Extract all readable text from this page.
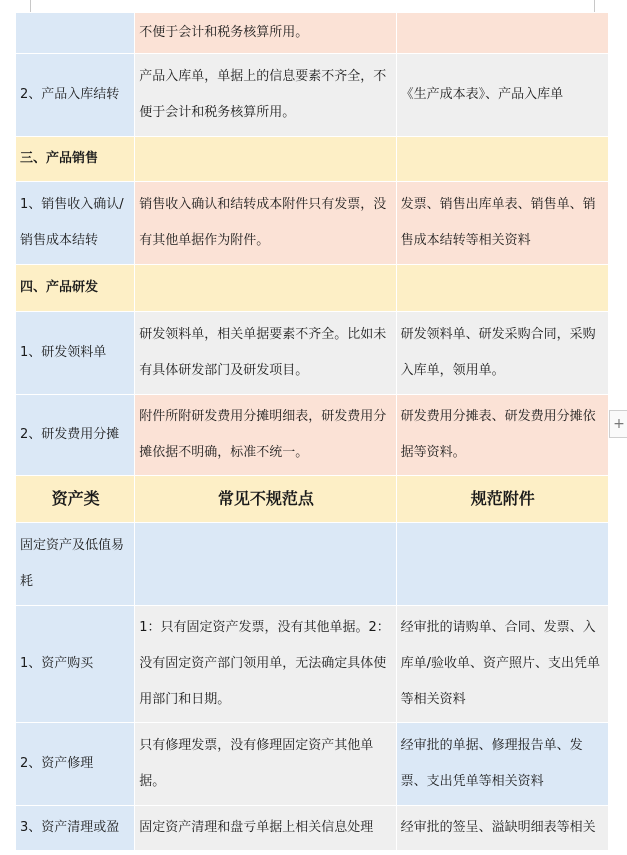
	不便于会计和税务核算所用。	
2、产品入库结转	产品入库单，单据上的信息要素不齐全，不便于会计和税务核算所用。	《生产成本表》、产品入库单
三、产品销售		
1、销售收入确认/销售成本结转	销售收入确认和结转成本附件只有发票，没有其他单据作为附件。	发票、销售出库单表、销售单、销售成本结转等相关资料
四、产品研发		
1、研发领料单	研发领料单，相关单据要素不齐全。比如未有具体研发部门及研发项目。	研发领料单、研发采购合同，采购入库单，领用单。
2、研发费用分摊	附件所附研发费用分摊明细表，研发费用分摊依据不明确，标准不统一。	研发费用分摊表、研发费用分摊依据等资料。
资产类	常见不规范点	规范附件
固定资产及低值易耗		
1、资产购买	1：只有固定资产发票，没有其他单据。2：没有固定资产部门领用单，无法确定具体使用部门和日期。	经审批的请购单、合同、发票、入库单/验收单、资产照片、支出凭单等相关资料
2、资产修理	只有修理发票，没有修理固定资产其他单据。	经审批的单据、修理报告单、发票、支出凭单等相关资料
3、资产清理或盈	固定资产清理和盘亏单据上相关信息处理	经审批的签呈、溢缺明细表等相关
+
